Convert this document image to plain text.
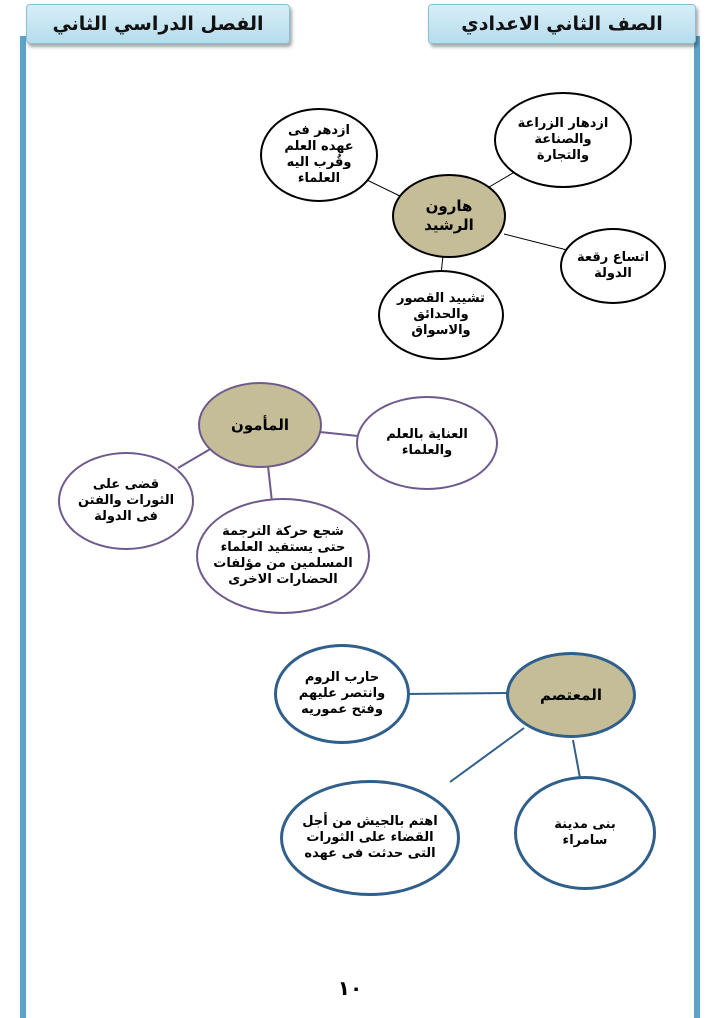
الفصل الدراسي الثاني	الصف الثاني الاعدادي
هارون
الرشيد
ازدهر فى
عهده العلم
وقُرب اليه
العلماء
ازدهار الزراعة
والصناعة
والتجارة
اتساع رقعة
الدولة
تشييد القصور
والحدائق
والاسواق
المأمون
العناية بالعلم
والعلماء
قضى على
الثورات والفتن
فى الدولة
شجع حركة الترجمة
حتى يستفيد العلماء
المسلمين من مؤلفات
الحضارات الاخرى
المعتصم
حارب الروم
وانتصر عليهم
وفتح عموريه
اهتم بالجيش من أجل
القضاء على الثورات
التى حدثت فى عهده
بنى مدينة
سامراء
١٠
